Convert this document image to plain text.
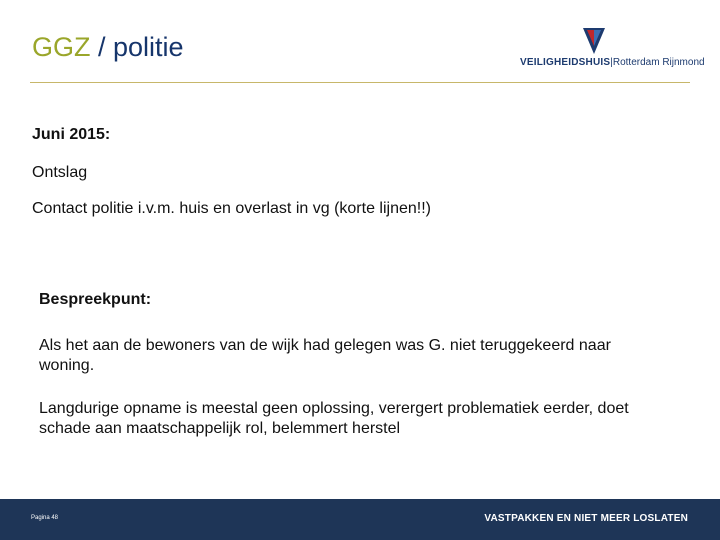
GGZ / politie
VEILIGHEIDSHUIS|Rotterdam Rijnmond

Juni 2015:

Ontslag

Contact politie i.v.m. huis en overlast in vg (korte lijnen!!)

Bespreekpunt:

Als het aan de bewoners van de wijk had gelegen was G. niet teruggekeerd naar woning.

Langdurige opname is meestal geen oplossing, verergert problematiek eerder, doet schade aan maatschappelijk rol, belemmert herstel

Pagina 48	VASTPAKKEN EN NIET MEER LOSLATEN
